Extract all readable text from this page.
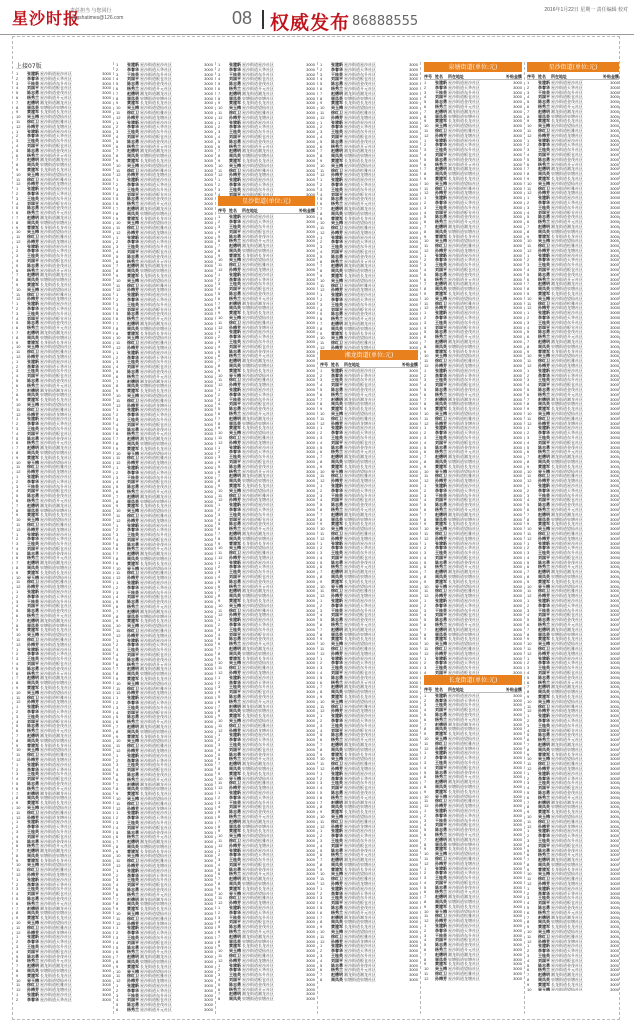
星沙时报
责任担当 与您同行 xingshatimes@126.com	08 权威发布 86888555
2016年1月22日 星期一 责任编辑 校对
上接07版
1	张建新 星沙街道星沙社区	3000
2	李春华 星沙街道天华社区	3000
3	王桂英 星沙街道东升社区	3000
4	刘国平 星沙街道板仓社区	3000
5	陈志勇 星沙街道金茂社区	3000
6	杨秀兰 星沙街道开元社区	3000
7	赵德明 湘龙街道湘龙社区	3000
8	周凤英 泉塘街道泉塘社区	3000
9	黄建军 长龙街道长龙社区	3000
10	吴玉梅 星沙街道望仙社区	3000
11	徐红卫 星沙街道松雅社区	3000
12	孙梅芳 星沙街道龙塘社区	3000
1	张建新 星沙街道星沙社区	3000
2	李春华 星沙街道天华社区	3000
3	王桂英 星沙街道东升社区	3000
4	刘国平 星沙街道板仓社区	3000
5	陈志勇 星沙街道金茂社区	3000
6	杨秀兰 星沙街道开元社区	3000
7	赵德明 湘龙街道湘龙社区	3000
8	周凤英 泉塘街道泉塘社区	3000
9	黄建军 长龙街道长龙社区	3000
10	吴玉梅 星沙街道望仙社区	3000
11	徐红卫 星沙街道松雅社区	3000
12	孙梅芳 星沙街道龙塘社区	3000
1	张建新 星沙街道星沙社区	3000
2	李春华 星沙街道天华社区	3000
3	王桂英 星沙街道东升社区	3000
4	刘国平 星沙街道板仓社区	3000
5	陈志勇 星沙街道金茂社区	3000
6	杨秀兰 星沙街道开元社区	3000
7	赵德明 湘龙街道湘龙社区	3000
8	周凤英 泉塘街道泉塘社区	3000
9	黄建军 长龙街道长龙社区	3000
10	吴玉梅 星沙街道望仙社区	3000
11	徐红卫 星沙街道松雅社区	3000
12	孙梅芳 星沙街道龙塘社区	3000
1	张建新 星沙街道星沙社区	3000
2	李春华 星沙街道天华社区	3000
3	王桂英 星沙街道东升社区	3000
4	刘国平 星沙街道板仓社区	3000
5	陈志勇 星沙街道金茂社区	3000
6	杨秀兰 星沙街道开元社区	3000
7	赵德明 湘龙街道湘龙社区	3000
8	周凤英 泉塘街道泉塘社区	3000
9	黄建军 长龙街道长龙社区	3000
10	吴玉梅 星沙街道望仙社区	3000
11	徐红卫 星沙街道松雅社区	3000
12	孙梅芳 星沙街道龙塘社区	3000
1	张建新 星沙街道星沙社区	3000
2	李春华 星沙街道天华社区	3000
3	王桂英 星沙街道东升社区	3000
4	刘国平 星沙街道板仓社区	3000
5	陈志勇 星沙街道金茂社区	3000
6	杨秀兰 星沙街道开元社区	3000
7	赵德明 湘龙街道湘龙社区	3000
8	周凤英 泉塘街道泉塘社区	3000
9	黄建军 长龙街道长龙社区	3000
10	吴玉梅 星沙街道望仙社区	3000
11	徐红卫 星沙街道松雅社区	3000
12	孙梅芳 星沙街道龙塘社区	3000
1	张建新 星沙街道星沙社区	3000
2	李春华 星沙街道天华社区	3000
3	王桂英 星沙街道东升社区	3000
4	刘国平 星沙街道板仓社区	3000
5	陈志勇 星沙街道金茂社区	3000
6	杨秀兰 星沙街道开元社区	3000
7	赵德明 湘龙街道湘龙社区	3000
8	周凤英 泉塘街道泉塘社区	3000
9	黄建军 长龙街道长龙社区	3000
10	吴玉梅 星沙街道望仙社区	3000
11	徐红卫 星沙街道松雅社区	3000
12	孙梅芳 星沙街道龙塘社区	3000
1	张建新 星沙街道星沙社区	3000
2	李春华 星沙街道天华社区	3000
3	王桂英 星沙街道东升社区	3000
4	刘国平 星沙街道板仓社区	3000
5	陈志勇 星沙街道金茂社区	3000
6	杨秀兰 星沙街道开元社区	3000
7	赵德明 湘龙街道湘龙社区	3000
8	周凤英 泉塘街道泉塘社区	3000
9	黄建军 长龙街道长龙社区	3000
10	吴玉梅 星沙街道望仙社区	3000
11	徐红卫 星沙街道松雅社区	3000
12	孙梅芳 星沙街道龙塘社区	3000
1	张建新 星沙街道星沙社区	3000
2	李春华 星沙街道天华社区	3000
3	王桂英 星沙街道东升社区	3000
4	刘国平 星沙街道板仓社区	3000
5	陈志勇 星沙街道金茂社区	3000
6	杨秀兰 星沙街道开元社区	3000
7	赵德明 湘龙街道湘龙社区	3000
8	周凤英 泉塘街道泉塘社区	3000
9	黄建军 长龙街道长龙社区	3000
10	吴玉梅 星沙街道望仙社区	3000
11	徐红卫 星沙街道松雅社区	3000
12	孙梅芳 星沙街道龙塘社区	3000
1	张建新 星沙街道星沙社区	3000
2	李春华 星沙街道天华社区	3000
3	王桂英 星沙街道东升社区	3000
4	刘国平 星沙街道板仓社区	3000
5	陈志勇 星沙街道金茂社区	3000
6	杨秀兰 星沙街道开元社区	3000
7	赵德明 湘龙街道湘龙社区	3000
8	周凤英 泉塘街道泉塘社区	3000
9	黄建军 长龙街道长龙社区	3000
10	吴玉梅 星沙街道望仙社区	3000
11	徐红卫 星沙街道松雅社区	3000
12	孙梅芳 星沙街道龙塘社区	3000
1	张建新 星沙街道星沙社区	3000
2	李春华 星沙街道天华社区	3000
3	王桂英 星沙街道东升社区	3000
4	刘国平 星沙街道板仓社区	3000
5	陈志勇 星沙街道金茂社区	3000
6	杨秀兰 星沙街道开元社区	3000
7	赵德明 湘龙街道湘龙社区	3000
8	周凤英 泉塘街道泉塘社区	3000
9	黄建军 长龙街道长龙社区	3000
10	吴玉梅 星沙街道望仙社区	3000
11	徐红卫 星沙街道松雅社区	3000
12	孙梅芳 星沙街道龙塘社区	3000
1	张建新 星沙街道星沙社区	3000
2	李春华 星沙街道天华社区	3000
3	王桂英 星沙街道东升社区	3000
4	刘国平 星沙街道板仓社区	3000
5	陈志勇 星沙街道金茂社区	3000
6	杨秀兰 星沙街道开元社区	3000
7	赵德明 湘龙街道湘龙社区	3000
8	周凤英 泉塘街道泉塘社区	3000
9	黄建军 长龙街道长龙社区	3000
10	吴玉梅 星沙街道望仙社区	3000
11	徐红卫 星沙街道松雅社区	3000
12	孙梅芳 星沙街道龙塘社区	3000
1	张建新 星沙街道星沙社区	3000
2	李春华 星沙街道天华社区	3000
3	王桂英 星沙街道东升社区	3000
4	刘国平 星沙街道板仓社区	3000
5	陈志勇 星沙街道金茂社区	3000
6	杨秀兰 星沙街道开元社区	3000
7	赵德明 湘龙街道湘龙社区	3000
8	周凤英 泉塘街道泉塘社区	3000
9	黄建军 长龙街道长龙社区	3000
10	吴玉梅 星沙街道望仙社区	3000
11	徐红卫 星沙街道松雅社区	3000
12	孙梅芳 星沙街道龙塘社区	3000
1	张建新 星沙街道星沙社区	3000
2	李春华 星沙街道天华社区	3000
3	王桂英 星沙街道东升社区	3000
4	刘国平 星沙街道板仓社区	3000
5	陈志勇 星沙街道金茂社区	3000
6	杨秀兰 星沙街道开元社区	3000
7	赵德明 湘龙街道湘龙社区	3000
8	周凤英 泉塘街道泉塘社区	3000
9	黄建军 长龙街道长龙社区	3000
10	吴玉梅 星沙街道望仙社区	3000
11	徐红卫 星沙街道松雅社区	3000
12	孙梅芳 星沙街道龙塘社区	3000
1	张建新 星沙街道星沙社区	3000
2	李春华 星沙街道天华社区	3000
3	王桂英 星沙街道东升社区	3000
4	刘国平 星沙街道板仓社区	3000
5	陈志勇 星沙街道金茂社区	3000
6	杨秀兰 星沙街道开元社区	3000
7	赵德明 湘龙街道湘龙社区	3000
8	周凤英 泉塘街道泉塘社区	3000
9	黄建军 长龙街道长龙社区	3000
10	吴玉梅 星沙街道望仙社区	3000
11	徐红卫 星沙街道松雅社区	3000
12	孙梅芳 星沙街道龙塘社区	3000
1	张建新 星沙街道星沙社区	3000
2	李春华 星沙街道天华社区	3000
3	王桂英 星沙街道东升社区	3000
4	刘国平 星沙街道板仓社区	3000
5	陈志勇 星沙街道金茂社区	3000
6	杨秀兰 星沙街道开元社区	3000
7	赵德明 湘龙街道湘龙社区	3000
8	周凤英 泉塘街道泉塘社区	3000
9	黄建军 长龙街道长龙社区	3000
10	吴玉梅 星沙街道望仙社区	3000
11	徐红卫 星沙街道松雅社区	3000
12	孙梅芳 星沙街道龙塘社区	3000
1	张建新 星沙街道星沙社区	3000
2	李春华 星沙街道天华社区	3000
3	王桂英 星沙街道东升社区	3000
4	刘国平 星沙街道板仓社区	3000
5	陈志勇 星沙街道金茂社区	3000
6	杨秀兰 星沙街道开元社区	3000
7	赵德明 湘龙街道湘龙社区	3000
8	周凤英 泉塘街道泉塘社区	3000
9	黄建军 长龙街道长龙社区	3000
10	吴玉梅 星沙街道望仙社区	3000
11	徐红卫 星沙街道松雅社区	3000
12	孙梅芳 星沙街道龙塘社区	3000
1	张建新 星沙街道星沙社区	3000
2	李春华 星沙街道天华社区	3000
1	张建新 星沙街道星沙社区	3000
2	李春华 星沙街道天华社区	3000
3	王桂英 星沙街道东升社区	3000
4	刘国平 星沙街道板仓社区	3000
5	陈志勇 星沙街道金茂社区	3000
6	杨秀兰 星沙街道开元社区	3000
7	赵德明 湘龙街道湘龙社区	3000
8	周凤英 泉塘街道泉塘社区	3000
9	黄建军 长龙街道长龙社区	3000
10	吴玉梅 星沙街道望仙社区	3000
11	徐红卫 星沙街道松雅社区	3000
12	孙梅芳 星沙街道龙塘社区	3000
1	张建新 星沙街道星沙社区	3000
2	李春华 星沙街道天华社区	3000
3	王桂英 星沙街道东升社区	3000
4	刘国平 星沙街道板仓社区	3000
5	陈志勇 星沙街道金茂社区	3000
6	杨秀兰 星沙街道开元社区	3000
7	赵德明 湘龙街道湘龙社区	3000
8	周凤英 泉塘街道泉塘社区	3000
9	黄建军 长龙街道长龙社区	3000
10	吴玉梅 星沙街道望仙社区	3000
11	徐红卫 星沙街道松雅社区	3000
12	孙梅芳 星沙街道龙塘社区	3000
1	张建新 星沙街道星沙社区	3000
2	李春华 星沙街道天华社区	3000
3	王桂英 星沙街道东升社区	3000
4	刘国平 星沙街道板仓社区	3000
5	陈志勇 星沙街道金茂社区	3000
6	杨秀兰 星沙街道开元社区	3000
7	赵德明 湘龙街道湘龙社区	3000
8	周凤英 泉塘街道泉塘社区	3000
9	黄建军 长龙街道长龙社区	3000
10	吴玉梅 星沙街道望仙社区	3000
11	徐红卫 星沙街道松雅社区	3000
12	孙梅芳 星沙街道龙塘社区	3000
1	张建新 星沙街道星沙社区	3000
2	李春华 星沙街道天华社区	3000
3	王桂英 星沙街道东升社区	3000
4	刘国平 星沙街道板仓社区	3000
5	陈志勇 星沙街道金茂社区	3000
6	杨秀兰 星沙街道开元社区	3000
7	赵德明 湘龙街道湘龙社区	3000
8	周凤英 泉塘街道泉塘社区	3000
9	黄建军 长龙街道长龙社区	3000
10	吴玉梅 星沙街道望仙社区	3000
11	徐红卫 星沙街道松雅社区	3000
12	孙梅芳 星沙街道龙塘社区	3000
1	张建新 星沙街道星沙社区	3000
2	李春华 星沙街道天华社区	3000
3	王桂英 星沙街道东升社区	3000
4	刘国平 星沙街道板仓社区	3000
5	陈志勇 星沙街道金茂社区	3000
6	杨秀兰 星沙街道开元社区	3000
7	赵德明 湘龙街道湘龙社区	3000
8	周凤英 泉塘街道泉塘社区	3000
9	黄建军 长龙街道长龙社区	3000
10	吴玉梅 星沙街道望仙社区	3000
11	徐红卫 星沙街道松雅社区	3000
12	孙梅芳 星沙街道龙塘社区	3000
1	张建新 星沙街道星沙社区	3000
2	李春华 星沙街道天华社区	3000
3	王桂英 星沙街道东升社区	3000
4	刘国平 星沙街道板仓社区	3000
5	陈志勇 星沙街道金茂社区	3000
6	杨秀兰 星沙街道开元社区	3000
7	赵德明 湘龙街道湘龙社区	3000
8	周凤英 泉塘街道泉塘社区	3000
9	黄建军 长龙街道长龙社区	3000
10	吴玉梅 星沙街道望仙社区	3000
11	徐红卫 星沙街道松雅社区	3000
12	孙梅芳 星沙街道龙塘社区	3000
1	张建新 星沙街道星沙社区	3000
2	李春华 星沙街道天华社区	3000
3	王桂英 星沙街道东升社区	3000
4	刘国平 星沙街道板仓社区	3000
5	陈志勇 星沙街道金茂社区	3000
6	杨秀兰 星沙街道开元社区	3000
7	赵德明 湘龙街道湘龙社区	3000
8	周凤英 泉塘街道泉塘社区	3000
9	黄建军 长龙街道长龙社区	3000
10	吴玉梅 星沙街道望仙社区	3000
11	徐红卫 星沙街道松雅社区	3000
12	孙梅芳 星沙街道龙塘社区	3000
1	张建新 星沙街道星沙社区	3000
2	李春华 星沙街道天华社区	3000
3	王桂英 星沙街道东升社区	3000
4	刘国平 星沙街道板仓社区	3000
5	陈志勇 星沙街道金茂社区	3000
6	杨秀兰 星沙街道开元社区	3000
7	赵德明 湘龙街道湘龙社区	3000
8	周凤英 泉塘街道泉塘社区	3000
9	黄建军 长龙街道长龙社区	3000
10	吴玉梅 星沙街道望仙社区	3000
11	徐红卫 星沙街道松雅社区	3000
12	孙梅芳 星沙街道龙塘社区	3000
1	张建新 星沙街道星沙社区	3000
2	李春华 星沙街道天华社区	3000
3	王桂英 星沙街道东升社区	3000
4	刘国平 星沙街道板仓社区	3000
5	陈志勇 星沙街道金茂社区	3000
6	杨秀兰 星沙街道开元社区	3000
7	赵德明 湘龙街道湘龙社区	3000
8	周凤英 泉塘街道泉塘社区	3000
9	黄建军 长龙街道长龙社区	3000
10	吴玉梅 星沙街道望仙社区	3000
11	徐红卫 星沙街道松雅社区	3000
12	孙梅芳 星沙街道龙塘社区	3000
1	张建新 星沙街道星沙社区	3000
2	李春华 星沙街道天华社区	3000
3	王桂英 星沙街道东升社区	3000
4	刘国平 星沙街道板仓社区	3000
5	陈志勇 星沙街道金茂社区	3000
6	杨秀兰 星沙街道开元社区	3000
7	赵德明 湘龙街道湘龙社区	3000
8	周凤英 泉塘街道泉塘社区	3000
9	黄建军 长龙街道长龙社区	3000
10	吴玉梅 星沙街道望仙社区	3000
11	徐红卫 星沙街道松雅社区	3000
12	孙梅芳 星沙街道龙塘社区	3000
1	张建新 星沙街道星沙社区	3000
2	李春华 星沙街道天华社区	3000
3	王桂英 星沙街道东升社区	3000
4	刘国平 星沙街道板仓社区	3000
5	陈志勇 星沙街道金茂社区	3000
6	杨秀兰 星沙街道开元社区	3000
7	赵德明 湘龙街道湘龙社区	3000
8	周凤英 泉塘街道泉塘社区	3000
9	黄建军 长龙街道长龙社区	3000
10	吴玉梅 星沙街道望仙社区	3000
11	徐红卫 星沙街道松雅社区	3000
12	孙梅芳 星沙街道龙塘社区	3000
1	张建新 星沙街道星沙社区	3000
2	李春华 星沙街道天华社区	3000
3	王桂英 星沙街道东升社区	3000
4	刘国平 星沙街道板仓社区	3000
5	陈志勇 星沙街道金茂社区	3000
6	杨秀兰 星沙街道开元社区	3000
7	赵德明 湘龙街道湘龙社区	3000
8	周凤英 泉塘街道泉塘社区	3000
9	黄建军 长龙街道长龙社区	3000
10	吴玉梅 星沙街道望仙社区	3000
11	徐红卫 星沙街道松雅社区	3000
12	孙梅芳 星沙街道龙塘社区	3000
1	张建新 星沙街道星沙社区	3000
2	李春华 星沙街道天华社区	3000
3	王桂英 星沙街道东升社区	3000
4	刘国平 星沙街道板仓社区	3000
5	陈志勇 星沙街道金茂社区	3000
6	杨秀兰 星沙街道开元社区	3000
7	赵德明 湘龙街道湘龙社区	3000
8	周凤英 泉塘街道泉塘社区	3000
9	黄建军 长龙街道长龙社区	3000
10	吴玉梅 星沙街道望仙社区	3000
11	徐红卫 星沙街道松雅社区	3000
12	孙梅芳 星沙街道龙塘社区	3000
1	张建新 星沙街道星沙社区	3000
2	李春华 星沙街道天华社区	3000
3	王桂英 星沙街道东升社区	3000
4	刘国平 星沙街道板仓社区	3000
5	陈志勇 星沙街道金茂社区	3000
6	杨秀兰 星沙街道开元社区	3000
7	赵德明 湘龙街道湘龙社区	3000
8	周凤英 泉塘街道泉塘社区	3000
9	黄建军 长龙街道长龙社区	3000
10	吴玉梅 星沙街道望仙社区	3000
11	徐红卫 星沙街道松雅社区	3000
12	孙梅芳 星沙街道龙塘社区	3000
1	张建新 星沙街道星沙社区	3000
2	李春华 星沙街道天华社区	3000
3	王桂英 星沙街道东升社区	3000
4	刘国平 星沙街道板仓社区	3000
5	陈志勇 星沙街道金茂社区	3000
6	杨秀兰 星沙街道开元社区	3000
7	赵德明 湘龙街道湘龙社区	3000
8	周凤英 泉塘街道泉塘社区	3000
9	黄建军 长龙街道长龙社区	3000
10	吴玉梅 星沙街道望仙社区	3000
11	徐红卫 星沙街道松雅社区	3000
12	孙梅芳 星沙街道龙塘社区	3000
1	张建新 星沙街道星沙社区	3000
2	李春华 星沙街道天华社区	3000
3	王桂英 星沙街道东升社区	3000
4	刘国平 星沙街道板仓社区	3000
5	陈志勇 星沙街道金茂社区	3000
6	杨秀兰 星沙街道开元社区	3000
7	赵德明 湘龙街道湘龙社区	3000
8	周凤英 泉塘街道泉塘社区	3000
9	黄建军 长龙街道长龙社区	3000
10	吴玉梅 星沙街道望仙社区	3000
11	徐红卫 星沙街道松雅社区	3000
12	孙梅芳 星沙街道龙塘社区	3000
1	张建新 星沙街道星沙社区	3000
2	李春华 星沙街道天华社区	3000
3	王桂英 星沙街道东升社区	3000
4	刘国平 星沙街道板仓社区	3000
5	陈志勇 星沙街道金茂社区	3000
6	杨秀兰 星沙街道开元社区	3000
1	张建新 星沙街道星沙社区	3000
2	李春华 星沙街道天华社区	3000
3	王桂英 星沙街道东升社区	3000
4	刘国平 星沙街道板仓社区	3000
5	陈志勇 星沙街道金茂社区	3000
6	杨秀兰 星沙街道开元社区	3000
7	赵德明 湘龙街道湘龙社区	3000
8	周凤英 泉塘街道泉塘社区	3000
9	黄建军 长龙街道长龙社区	3000
10	吴玉梅 星沙街道望仙社区	3000
11	徐红卫 星沙街道松雅社区	3000
12	孙梅芳 星沙街道龙塘社区	3000
1	张建新 星沙街道星沙社区	3000
2	李春华 星沙街道天华社区	3000
3	王桂英 星沙街道东升社区	3000
4	刘国平 星沙街道板仓社区	3000
5	陈志勇 星沙街道金茂社区	3000
6	杨秀兰 星沙街道开元社区	3000
7	赵德明 湘龙街道湘龙社区	3000
8	周凤英 泉塘街道泉塘社区	3000
9	黄建军 长龙街道长龙社区	3000
10	吴玉梅 星沙街道望仙社区	3000
11	徐红卫 星沙街道松雅社区	3000
12	孙梅芳 星沙街道龙塘社区	3000
1	张建新 星沙街道星沙社区	3000
2	李春华 星沙街道天华社区	3000
3	王桂英 星沙街道东升社区	3000
4	刘国平 星沙街道板仓社区	3000
星沙街道(单位:元)
序号 姓名	所在地址	补贴金额
1	张建新 星沙街道星沙社区	3000
2	李春华 星沙街道天华社区	3000
3	王桂英 星沙街道东升社区	3000
4	刘国平 星沙街道板仓社区	3000
5	陈志勇 星沙街道金茂社区	3000
6	杨秀兰 星沙街道开元社区	3000
7	赵德明 湘龙街道湘龙社区	3000
8	周凤英 泉塘街道泉塘社区	3000
9	黄建军 长龙街道长龙社区	3000
10	吴玉梅 星沙街道望仙社区	3000
11	徐红卫 星沙街道松雅社区	3000
12	孙梅芳 星沙街道龙塘社区	3000
1	张建新 星沙街道星沙社区	3000
2	李春华 星沙街道天华社区	3000
3	王桂英 星沙街道东升社区	3000
4	刘国平 星沙街道板仓社区	3000
5	陈志勇 星沙街道金茂社区	3000
6	杨秀兰 星沙街道开元社区	3000
7	赵德明 湘龙街道湘龙社区	3000
8	周凤英 泉塘街道泉塘社区	3000
9	黄建军 长龙街道长龙社区	3000
10	吴玉梅 星沙街道望仙社区	3000
11	徐红卫 星沙街道松雅社区	3000
12	孙梅芳 星沙街道龙塘社区	3000
1	张建新 星沙街道星沙社区	3000
2	李春华 星沙街道天华社区	3000
3	王桂英 星沙街道东升社区	3000
4	刘国平 星沙街道板仓社区	3000
5	陈志勇 星沙街道金茂社区	3000
6	杨秀兰 星沙街道开元社区	3000
7	赵德明 湘龙街道湘龙社区	3000
8	周凤英 泉塘街道泉塘社区	3000
9	黄建军 长龙街道长龙社区	3000
10	吴玉梅 星沙街道望仙社区	3000
11	徐红卫 星沙街道松雅社区	3000
12	孙梅芳 星沙街道龙塘社区	3000
1	张建新 星沙街道星沙社区	3000
2	李春华 星沙街道天华社区	3000
3	王桂英 星沙街道东升社区	3000
4	刘国平 星沙街道板仓社区	3000
5	陈志勇 星沙街道金茂社区	3000
6	杨秀兰 星沙街道开元社区	3000
7	赵德明 湘龙街道湘龙社区	3000
8	周凤英 泉塘街道泉塘社区	3000
9	黄建军 长龙街道长龙社区	3000
10	吴玉梅 星沙街道望仙社区	3000
11	徐红卫 星沙街道松雅社区	3000
12	孙梅芳 星沙街道龙塘社区	3000
1	张建新 星沙街道星沙社区	3000
2	李春华 星沙街道天华社区	3000
3	王桂英 星沙街道东升社区	3000
4	刘国平 星沙街道板仓社区	3000
5	陈志勇 星沙街道金茂社区	3000
6	杨秀兰 星沙街道开元社区	3000
7	赵德明 湘龙街道湘龙社区	3000
8	周凤英 泉塘街道泉塘社区	3000
9	黄建军 长龙街道长龙社区	3000
10	吴玉梅 星沙街道望仙社区	3000
11	徐红卫 星沙街道松雅社区	3000
12	孙梅芳 星沙街道龙塘社区	3000
1	张建新 星沙街道星沙社区	3000
2	李春华 星沙街道天华社区	3000
3	王桂英 星沙街道东升社区	3000
4	刘国平 星沙街道板仓社区	3000
5	陈志勇 星沙街道金茂社区	3000
6	杨秀兰 星沙街道开元社区	3000
7	赵德明 湘龙街道湘龙社区	3000
8	周凤英 泉塘街道泉塘社区	3000
9	黄建军 长龙街道长龙社区	3000
10	吴玉梅 星沙街道望仙社区	3000
11	徐红卫 星沙街道松雅社区	3000
12	孙梅芳 星沙街道龙塘社区	3000
1	张建新 星沙街道星沙社区	3000
2	李春华 星沙街道天华社区	3000
3	王桂英 星沙街道东升社区	3000
4	刘国平 星沙街道板仓社区	3000
5	陈志勇 星沙街道金茂社区	3000
6	杨秀兰 星沙街道开元社区	3000
7	赵德明 湘龙街道湘龙社区	3000
8	周凤英 泉塘街道泉塘社区	3000
9	黄建军 长龙街道长龙社区	3000
10	吴玉梅 星沙街道望仙社区	3000
11	徐红卫 星沙街道松雅社区	3000
12	孙梅芳 星沙街道龙塘社区	3000
1	张建新 星沙街道星沙社区	3000
2	李春华 星沙街道天华社区	3000
3	王桂英 星沙街道东升社区	3000
4	刘国平 星沙街道板仓社区	3000
5	陈志勇 星沙街道金茂社区	3000
6	杨秀兰 星沙街道开元社区	3000
7	赵德明 湘龙街道湘龙社区	3000
8	周凤英 泉塘街道泉塘社区	3000
9	黄建军 长龙街道长龙社区	3000
10	吴玉梅 星沙街道望仙社区	3000
11	徐红卫 星沙街道松雅社区	3000
12	孙梅芳 星沙街道龙塘社区	3000
1	张建新 星沙街道星沙社区	3000
2	李春华 星沙街道天华社区	3000
3	王桂英 星沙街道东升社区	3000
4	刘国平 星沙街道板仓社区	3000
5	陈志勇 星沙街道金茂社区	3000
6	杨秀兰 星沙街道开元社区	3000
7	赵德明 湘龙街道湘龙社区	3000
8	周凤英 泉塘街道泉塘社区	3000
9	黄建军 长龙街道长龙社区	3000
10	吴玉梅 星沙街道望仙社区	3000
11	徐红卫 星沙街道松雅社区	3000
12	孙梅芳 星沙街道龙塘社区	3000
1	张建新 星沙街道星沙社区	3000
2	李春华 星沙街道天华社区	3000
3	王桂英 星沙街道东升社区	3000
4	刘国平 星沙街道板仓社区	3000
5	陈志勇 星沙街道金茂社区	3000
6	杨秀兰 星沙街道开元社区	3000
7	赵德明 湘龙街道湘龙社区	3000
8	周凤英 泉塘街道泉塘社区	3000
9	黄建军 长龙街道长龙社区	3000
10	吴玉梅 星沙街道望仙社区	3000
11	徐红卫 星沙街道松雅社区	3000
12	孙梅芳 星沙街道龙塘社区	3000
1	张建新 星沙街道星沙社区	3000
2	李春华 星沙街道天华社区	3000
3	王桂英 星沙街道东升社区	3000
4	刘国平 星沙街道板仓社区	3000
5	陈志勇 星沙街道金茂社区	3000
6	杨秀兰 星沙街道开元社区	3000
7	赵德明 湘龙街道湘龙社区	3000
8	周凤英 泉塘街道泉塘社区	3000
9	黄建军 长龙街道长龙社区	3000
10	吴玉梅 星沙街道望仙社区	3000
11	徐红卫 星沙街道松雅社区	3000
12	孙梅芳 星沙街道龙塘社区	3000
1	张建新 星沙街道星沙社区	3000
2	李春华 星沙街道天华社区	3000
3	王桂英 星沙街道东升社区	3000
4	刘国平 星沙街道板仓社区	3000
5	陈志勇 星沙街道金茂社区	3000
6	杨秀兰 星沙街道开元社区	3000
7	赵德明 湘龙街道湘龙社区	3000
8	周凤英 泉塘街道泉塘社区	3000
9	黄建军 长龙街道长龙社区	3000
10	吴玉梅 星沙街道望仙社区	3000
11	徐红卫 星沙街道松雅社区	3000
12	孙梅芳 星沙街道龙塘社区	3000
1	张建新 星沙街道星沙社区	3000
2	李春华 星沙街道天华社区	3000
3	王桂英 星沙街道东升社区	3000
4	刘国平 星沙街道板仓社区	3000
5	陈志勇 星沙街道金茂社区	3000
6	杨秀兰 星沙街道开元社区	3000
7	赵德明 湘龙街道湘龙社区	3000
8	周凤英 泉塘街道泉塘社区	3000
9	黄建军 长龙街道长龙社区	3000
10	吴玉梅 星沙街道望仙社区	3000
11	徐红卫 星沙街道松雅社区	3000
12	孙梅芳 星沙街道龙塘社区	3000
1	张建新 星沙街道星沙社区	3000
2	李春华 星沙街道天华社区	3000
3	王桂英 星沙街道东升社区	3000
4	刘国平 星沙街道板仓社区	3000
5	陈志勇 星沙街道金茂社区	3000
6	杨秀兰 星沙街道开元社区	3000
7	赵德明 湘龙街道湘龙社区	3000
8	周凤英 泉塘街道泉塘社区	3000
1	张建新 星沙街道星沙社区	3000
2	李春华 星沙街道天华社区	3000
3	王桂英 星沙街道东升社区	3000
4	刘国平 星沙街道板仓社区	3000
5	陈志勇 星沙街道金茂社区	3000
6	杨秀兰 星沙街道开元社区	3000
7	赵德明 湘龙街道湘龙社区	3000
8	周凤英 泉塘街道泉塘社区	3000
9	黄建军 长龙街道长龙社区	3000
10	吴玉梅 星沙街道望仙社区	3000
11	徐红卫 星沙街道松雅社区	3000
12	孙梅芳 星沙街道龙塘社区	3000
1	张建新 星沙街道星沙社区	3000
2	李春华 星沙街道天华社区	3000
3	王桂英 星沙街道东升社区	3000
4	刘国平 星沙街道板仓社区	3000
5	陈志勇 星沙街道金茂社区	3000
6	杨秀兰 星沙街道开元社区	3000
7	赵德明 湘龙街道湘龙社区	3000
8	周凤英 泉塘街道泉塘社区	3000
9	黄建军 长龙街道长龙社区	3000
10	吴玉梅 星沙街道望仙社区	3000
11	徐红卫 星沙街道松雅社区	3000
12	孙梅芳 星沙街道龙塘社区	3000
1	张建新 星沙街道星沙社区	3000
2	李春华 星沙街道天华社区	3000
3	王桂英 星沙街道东升社区	3000
4	刘国平 星沙街道板仓社区	3000
5	陈志勇 星沙街道金茂社区	3000
6	杨秀兰 星沙街道开元社区	3000
7	赵德明 湘龙街道湘龙社区	3000
8	周凤英 泉塘街道泉塘社区	3000
9	黄建军 长龙街道长龙社区	3000
10	吴玉梅 星沙街道望仙社区	3000
11	徐红卫 星沙街道松雅社区	3000
12	孙梅芳 星沙街道龙塘社区	3000
1	张建新 星沙街道星沙社区	3000
2	李春华 星沙街道天华社区	3000
3	王桂英 星沙街道东升社区	3000
4	刘国平 星沙街道板仓社区	3000
5	陈志勇 星沙街道金茂社区	3000
6	杨秀兰 星沙街道开元社区	3000
7	赵德明 湘龙街道湘龙社区	3000
8	周凤英 泉塘街道泉塘社区	3000
9	黄建军 长龙街道长龙社区	3000
10	吴玉梅 星沙街道望仙社区	3000
11	徐红卫 星沙街道松雅社区	3000
12	孙梅芳 星沙街道龙塘社区	3000
1	张建新 星沙街道星沙社区	3000
2	李春华 星沙街道天华社区	3000
3	王桂英 星沙街道东升社区	3000
4	刘国平 星沙街道板仓社区	3000
5	陈志勇 星沙街道金茂社区	3000
6	杨秀兰 星沙街道开元社区	3000
7	赵德明 湘龙街道湘龙社区	3000
8	周凤英 泉塘街道泉塘社区	3000
9	黄建军 长龙街道长龙社区	3000
10	吴玉梅 星沙街道望仙社区	3000
11	徐红卫 星沙街道松雅社区	3000
12	孙梅芳 星沙街道龙塘社区	3000
湘龙街道(单位:元)
序号 姓名	所在地址	补贴金额
1	张建新 星沙街道星沙社区	3000
2	李春华 星沙街道天华社区	3000
3	王桂英 星沙街道东升社区	3000
4	刘国平 星沙街道板仓社区	3000
5	陈志勇 星沙街道金茂社区	3000
6	杨秀兰 星沙街道开元社区	3000
7	赵德明 湘龙街道湘龙社区	3000
8	周凤英 泉塘街道泉塘社区	3000
9	黄建军 长龙街道长龙社区	3000
10	吴玉梅 星沙街道望仙社区	3000
11	徐红卫 星沙街道松雅社区	3000
12	孙梅芳 星沙街道龙塘社区	3000
1	张建新 星沙街道星沙社区	3000
2	李春华 星沙街道天华社区	3000
3	王桂英 星沙街道东升社区	3000
4	刘国平 星沙街道板仓社区	3000
5	陈志勇 星沙街道金茂社区	3000
6	杨秀兰 星沙街道开元社区	3000
7	赵德明 湘龙街道湘龙社区	3000
8	周凤英 泉塘街道泉塘社区	3000
9	黄建军 长龙街道长龙社区	3000
10	吴玉梅 星沙街道望仙社区	3000
11	徐红卫 星沙街道松雅社区	3000
12	孙梅芳 星沙街道龙塘社区	3000
1	张建新 星沙街道星沙社区	3000
2	李春华 星沙街道天华社区	3000
3	王桂英 星沙街道东升社区	3000
4	刘国平 星沙街道板仓社区	3000
5	陈志勇 星沙街道金茂社区	3000
6	杨秀兰 星沙街道开元社区	3000
7	赵德明 湘龙街道湘龙社区	3000
8	周凤英 泉塘街道泉塘社区	3000
9	黄建军 长龙街道长龙社区	3000
10	吴玉梅 星沙街道望仙社区	3000
11	徐红卫 星沙街道松雅社区	3000
12	孙梅芳 星沙街道龙塘社区	3000
1	张建新 星沙街道星沙社区	3000
2	李春华 星沙街道天华社区	3000
3	王桂英 星沙街道东升社区	3000
4	刘国平 星沙街道板仓社区	3000
5	陈志勇 星沙街道金茂社区	3000
6	杨秀兰 星沙街道开元社区	3000
7	赵德明 湘龙街道湘龙社区	3000
8	周凤英 泉塘街道泉塘社区	3000
9	黄建军 长龙街道长龙社区	3000
10	吴玉梅 星沙街道望仙社区	3000
11	徐红卫 星沙街道松雅社区	3000
12	孙梅芳 星沙街道龙塘社区	3000
1	张建新 星沙街道星沙社区	3000
2	李春华 星沙街道天华社区	3000
3	王桂英 星沙街道东升社区	3000
4	刘国平 星沙街道板仓社区	3000
5	陈志勇 星沙街道金茂社区	3000
6	杨秀兰 星沙街道开元社区	3000
7	赵德明 湘龙街道湘龙社区	3000
8	周凤英 泉塘街道泉塘社区	3000
9	黄建军 长龙街道长龙社区	3000
10	吴玉梅 星沙街道望仙社区	3000
11	徐红卫 星沙街道松雅社区	3000
12	孙梅芳 星沙街道龙塘社区	3000
1	张建新 星沙街道星沙社区	3000
2	李春华 星沙街道天华社区	3000
3	王桂英 星沙街道东升社区	3000
4	刘国平 星沙街道板仓社区	3000
5	陈志勇 星沙街道金茂社区	3000
6	杨秀兰 星沙街道开元社区	3000
7	赵德明 湘龙街道湘龙社区	3000
8	周凤英 泉塘街道泉塘社区	3000
9	黄建军 长龙街道长龙社区	3000
10	吴玉梅 星沙街道望仙社区	3000
11	徐红卫 星沙街道松雅社区	3000
12	孙梅芳 星沙街道龙塘社区	3000
1	张建新 星沙街道星沙社区	3000
2	李春华 星沙街道天华社区	3000
3	王桂英 星沙街道东升社区	3000
4	刘国平 星沙街道板仓社区	3000
5	陈志勇 星沙街道金茂社区	3000
6	杨秀兰 星沙街道开元社区	3000
7	赵德明 湘龙街道湘龙社区	3000
8	周凤英 泉塘街道泉塘社区	3000
9	黄建军 长龙街道长龙社区	3000
10	吴玉梅 星沙街道望仙社区	3000
11	徐红卫 星沙街道松雅社区	3000
12	孙梅芳 星沙街道龙塘社区	3000
1	张建新 星沙街道星沙社区	3000
2	李春华 星沙街道天华社区	3000
3	王桂英 星沙街道东升社区	3000
4	刘国平 星沙街道板仓社区	3000
5	陈志勇 星沙街道金茂社区	3000
6	杨秀兰 星沙街道开元社区	3000
7	赵德明 湘龙街道湘龙社区	3000
8	周凤英 泉塘街道泉塘社区	3000
9	黄建军 长龙街道长龙社区	3000
10	吴玉梅 星沙街道望仙社区	3000
11	徐红卫 星沙街道松雅社区	3000
12	孙梅芳 星沙街道龙塘社区	3000
1	张建新 星沙街道星沙社区	3000
2	李春华 星沙街道天华社区	3000
3	王桂英 星沙街道东升社区	3000
4	刘国平 星沙街道板仓社区	3000
5	陈志勇 星沙街道金茂社区	3000
6	杨秀兰 星沙街道开元社区	3000
7	赵德明 湘龙街道湘龙社区	3000
8	周凤英 泉塘街道泉塘社区	3000
9	黄建军 长龙街道长龙社区	3000
10	吴玉梅 星沙街道望仙社区	3000
11	徐红卫 星沙街道松雅社区	3000
12	孙梅芳 星沙街道龙塘社区	3000
1	张建新 星沙街道星沙社区	3000
2	李春华 星沙街道天华社区	3000
3	王桂英 星沙街道东升社区	3000
4	刘国平 星沙街道板仓社区	3000
5	陈志勇 星沙街道金茂社区	3000
6	杨秀兰 星沙街道开元社区	3000
7	赵德明 湘龙街道湘龙社区	3000
8	周凤英 泉塘街道泉塘社区	3000
9	黄建军 长龙街道长龙社区	3000
10	吴玉梅 星沙街道望仙社区	3000
11	徐红卫 星沙街道松雅社区	3000
12	孙梅芳 星沙街道龙塘社区	3000
1	张建新 星沙街道星沙社区	3000
2	李春华 星沙街道天华社区	3000
3	王桂英 星沙街道东升社区	3000
4	刘国平 星沙街道板仓社区	3000
5	陈志勇 星沙街道金茂社区	3000
6	杨秀兰 星沙街道开元社区	3000
7	赵德明 湘龙街道湘龙社区	3000
8	周凤英 泉塘街道泉塘社区	3000
泉塘街道(单位:元)
序号 姓名	所在地址	补贴金额
1	张建新 星沙街道星沙社区	3000
2	李春华 星沙街道天华社区	3000
3	王桂英 星沙街道东升社区	3000
4	刘国平 星沙街道板仓社区	3000
5	陈志勇 星沙街道金茂社区	3000
6	杨秀兰 星沙街道开元社区	3000
7	赵德明 湘龙街道湘龙社区	3000
8	周凤英 泉塘街道泉塘社区	3000
9	黄建军 长龙街道长龙社区	3000
10	吴玉梅 星沙街道望仙社区	3000
11	徐红卫 星沙街道松雅社区	3000
12	孙梅芳 星沙街道龙塘社区	3000
1	张建新 星沙街道星沙社区	3000
2	李春华 星沙街道天华社区	3000
3	王桂英 星沙街道东升社区	3000
4	刘国平 星沙街道板仓社区	3000
5	陈志勇 星沙街道金茂社区	3000
6	杨秀兰 星沙街道开元社区	3000
7	赵德明 湘龙街道湘龙社区	3000
8	周凤英 泉塘街道泉塘社区	3000
9	黄建军 长龙街道长龙社区	3000
10	吴玉梅 星沙街道望仙社区	3000
11	徐红卫 星沙街道松雅社区	3000
12	孙梅芳 星沙街道龙塘社区	3000
1	张建新 星沙街道星沙社区	3000
2	李春华 星沙街道天华社区	3000
3	王桂英 星沙街道东升社区	3000
4	刘国平 星沙街道板仓社区	3000
5	陈志勇 星沙街道金茂社区	3000
6	杨秀兰 星沙街道开元社区	3000
7	赵德明 湘龙街道湘龙社区	3000
8	周凤英 泉塘街道泉塘社区	3000
9	黄建军 长龙街道长龙社区	3000
10	吴玉梅 星沙街道望仙社区	3000
11	徐红卫 星沙街道松雅社区	3000
12	孙梅芳 星沙街道龙塘社区	3000
1	张建新 星沙街道星沙社区	3000
2	李春华 星沙街道天华社区	3000
3	王桂英 星沙街道东升社区	3000
4	刘国平 星沙街道板仓社区	3000
5	陈志勇 星沙街道金茂社区	3000
6	杨秀兰 星沙街道开元社区	3000
7	赵德明 湘龙街道湘龙社区	3000
8	周凤英 泉塘街道泉塘社区	3000
9	黄建军 长龙街道长龙社区	3000
10	吴玉梅 星沙街道望仙社区	3000
11	徐红卫 星沙街道松雅社区	3000
12	孙梅芳 星沙街道龙塘社区	3000
1	张建新 星沙街道星沙社区	3000
2	李春华 星沙街道天华社区	3000
3	王桂英 星沙街道东升社区	3000
4	刘国平 星沙街道板仓社区	3000
5	陈志勇 星沙街道金茂社区	3000
6	杨秀兰 星沙街道开元社区	3000
7	赵德明 湘龙街道湘龙社区	3000
8	周凤英 泉塘街道泉塘社区	3000
9	黄建军 长龙街道长龙社区	3000
10	吴玉梅 星沙街道望仙社区	3000
11	徐红卫 星沙街道松雅社区	3000
12	孙梅芳 星沙街道龙塘社区	3000
1	张建新 星沙街道星沙社区	3000
2	李春华 星沙街道天华社区	3000
3	王桂英 星沙街道东升社区	3000
4	刘国平 星沙街道板仓社区	3000
5	陈志勇 星沙街道金茂社区	3000
6	杨秀兰 星沙街道开元社区	3000
7	赵德明 湘龙街道湘龙社区	3000
8	周凤英 泉塘街道泉塘社区	3000
9	黄建军 长龙街道长龙社区	3000
10	吴玉梅 星沙街道望仙社区	3000
11	徐红卫 星沙街道松雅社区	3000
12	孙梅芳 星沙街道龙塘社区	3000
1	张建新 星沙街道星沙社区	3000
2	李春华 星沙街道天华社区	3000
3	王桂英 星沙街道东升社区	3000
4	刘国平 星沙街道板仓社区	3000
5	陈志勇 星沙街道金茂社区	3000
6	杨秀兰 星沙街道开元社区	3000
7	赵德明 湘龙街道湘龙社区	3000
8	周凤英 泉塘街道泉塘社区	3000
9	黄建军 长龙街道长龙社区	3000
10	吴玉梅 星沙街道望仙社区	3000
11	徐红卫 星沙街道松雅社区	3000
12	孙梅芳 星沙街道龙塘社区	3000
1	张建新 星沙街道星沙社区	3000
2	李春华 星沙街道天华社区	3000
3	王桂英 星沙街道东升社区	3000
4	刘国平 星沙街道板仓社区	3000
5	陈志勇 星沙街道金茂社区	3000
6	杨秀兰 星沙街道开元社区	3000
7	赵德明 湘龙街道湘龙社区	3000
8	周凤英 泉塘街道泉塘社区	3000
9	黄建军 长龙街道长龙社区	3000
10	吴玉梅 星沙街道望仙社区	3000
11	徐红卫 星沙街道松雅社区	3000
12	孙梅芳 星沙街道龙塘社区	3000
1	张建新 星沙街道星沙社区	3000
2	李春华 星沙街道天华社区	3000
3	王桂英 星沙街道东升社区	3000
4	刘国平 星沙街道板仓社区	3000
5	陈志勇 星沙街道金茂社区	3000
6	杨秀兰 星沙街道开元社区	3000
7	赵德明 湘龙街道湘龙社区	3000
8	周凤英 泉塘街道泉塘社区	3000
9	黄建军 长龙街道长龙社区	3000
10	吴玉梅 星沙街道望仙社区	3000
11	徐红卫 星沙街道松雅社区	3000
12	孙梅芳 星沙街道龙塘社区	3000
1	张建新 星沙街道星沙社区	3000
2	李春华 星沙街道天华社区	3000
3	王桂英 星沙街道东升社区	3000
4	刘国平 星沙街道板仓社区	3000
5	陈志勇 星沙街道金茂社区	3000
6	杨秀兰 星沙街道开元社区	3000
7	赵德明 湘龙街道湘龙社区	3000
8	周凤英 泉塘街道泉塘社区	3000
9	黄建军 长龙街道长龙社区	3000
10	吴玉梅 星沙街道望仙社区	3000
11	徐红卫 星沙街道松雅社区	3000
12	孙梅芳 星沙街道龙塘社区	3000
1	张建新 星沙街道星沙社区	3000
2	李春华 星沙街道天华社区	3000
3	王桂英 星沙街道东升社区	3000
4	刘国平 星沙街道板仓社区	3000
长龙街道(单位:元)
序号 姓名	所在地址	补贴金额
1	张建新 星沙街道星沙社区	3000
2	李春华 星沙街道天华社区	3000
3	王桂英 星沙街道东升社区	3000
4	刘国平 星沙街道板仓社区	3000
5	陈志勇 星沙街道金茂社区	3000
6	杨秀兰 星沙街道开元社区	3000
7	赵德明 湘龙街道湘龙社区	3000
8	周凤英 泉塘街道泉塘社区	3000
9	黄建军 长龙街道长龙社区	3000
10	吴玉梅 星沙街道望仙社区	3000
11	徐红卫 星沙街道松雅社区	3000
12	孙梅芳 星沙街道龙塘社区	3000
1	张建新 星沙街道星沙社区	3000
2	李春华 星沙街道天华社区	3000
3	王桂英 星沙街道东升社区	3000
4	刘国平 星沙街道板仓社区	3000
5	陈志勇 星沙街道金茂社区	3000
6	杨秀兰 星沙街道开元社区	3000
7	赵德明 湘龙街道湘龙社区	3000
8	周凤英 泉塘街道泉塘社区	3000
9	黄建军 长龙街道长龙社区	3000
10	吴玉梅 星沙街道望仙社区	3000
11	徐红卫 星沙街道松雅社区	3000
12	孙梅芳 星沙街道龙塘社区	3000
1	张建新 星沙街道星沙社区	3000
2	李春华 星沙街道天华社区	3000
3	王桂英 星沙街道东升社区	3000
4	刘国平 星沙街道板仓社区	3000
5	陈志勇 星沙街道金茂社区	3000
6	杨秀兰 星沙街道开元社区	3000
7	赵德明 湘龙街道湘龙社区	3000
8	周凤英 泉塘街道泉塘社区	3000
9	黄建军 长龙街道长龙社区	3000
10	吴玉梅 星沙街道望仙社区	3000
11	徐红卫 星沙街道松雅社区	3000
12	孙梅芳 星沙街道龙塘社区	3000
1	张建新 星沙街道星沙社区	3000
2	李春华 星沙街道天华社区	3000
3	王桂英 星沙街道东升社区	3000
4	刘国平 星沙街道板仓社区	3000
5	陈志勇 星沙街道金茂社区	3000
6	杨秀兰 星沙街道开元社区	3000
7	赵德明 湘龙街道湘龙社区	3000
8	周凤英 泉塘街道泉塘社区	3000
9	黄建军 长龙街道长龙社区	3000
10	吴玉梅 星沙街道望仙社区	3000
11	徐红卫 星沙街道松雅社区	3000
12	孙梅芳 星沙街道龙塘社区	3000
1	张建新 星沙街道星沙社区	3000
2	李春华 星沙街道天华社区	3000
3	王桂英 星沙街道东升社区	3000
4	刘国平 星沙街道板仓社区	3000
5	陈志勇 星沙街道金茂社区	3000
6	杨秀兰 星沙街道开元社区	3000
7	赵德明 湘龙街道湘龙社区	3000
8	周凤英 泉塘街道泉塘社区	3000
9	黄建军 长龙街道长龙社区	3000
10	吴玉梅 星沙街道望仙社区	3000
11	徐红卫 星沙街道松雅社区	3000
12	孙梅芳 星沙街道龙塘社区	3000
星沙街道(单位:元)
序号 姓名	所在地址	补贴金额
1	张建新 星沙街道星沙社区	3000
2	李春华 星沙街道天华社区	3000
3	王桂英 星沙街道东升社区	3000
4	刘国平 星沙街道板仓社区	3000
5	陈志勇 星沙街道金茂社区	3000
6	杨秀兰 星沙街道开元社区	3000
7	赵德明 湘龙街道湘龙社区	3000
8	周凤英 泉塘街道泉塘社区	3000
9	黄建军 长龙街道长龙社区	3000
10	吴玉梅 星沙街道望仙社区	3000
11	徐红卫 星沙街道松雅社区	3000
12	孙梅芳 星沙街道龙塘社区	3000
1	张建新 星沙街道星沙社区	3000
2	李春华 星沙街道天华社区	3000
3	王桂英 星沙街道东升社区	3000
4	刘国平 星沙街道板仓社区	3000
5	陈志勇 星沙街道金茂社区	3000
6	杨秀兰 星沙街道开元社区	3000
7	赵德明 湘龙街道湘龙社区	3000
8	周凤英 泉塘街道泉塘社区	3000
9	黄建军 长龙街道长龙社区	3000
10	吴玉梅 星沙街道望仙社区	3000
11	徐红卫 星沙街道松雅社区	3000
12	孙梅芳 星沙街道龙塘社区	3000
1	张建新 星沙街道星沙社区	3000
2	李春华 星沙街道天华社区	3000
3	王桂英 星沙街道东升社区	3000
4	刘国平 星沙街道板仓社区	3000
5	陈志勇 星沙街道金茂社区	3000
6	杨秀兰 星沙街道开元社区	3000
7	赵德明 湘龙街道湘龙社区	3000
8	周凤英 泉塘街道泉塘社区	3000
9	黄建军 长龙街道长龙社区	3000
10	吴玉梅 星沙街道望仙社区	3000
11	徐红卫 星沙街道松雅社区	3000
12	孙梅芳 星沙街道龙塘社区	3000
1	张建新 星沙街道星沙社区	3000
2	李春华 星沙街道天华社区	3000
3	王桂英 星沙街道东升社区	3000
4	刘国平 星沙街道板仓社区	3000
5	陈志勇 星沙街道金茂社区	3000
6	杨秀兰 星沙街道开元社区	3000
7	赵德明 湘龙街道湘龙社区	3000
8	周凤英 泉塘街道泉塘社区	3000
9	黄建军 长龙街道长龙社区	3000
10	吴玉梅 星沙街道望仙社区	3000
11	徐红卫 星沙街道松雅社区	3000
12	孙梅芳 星沙街道龙塘社区	3000
1	张建新 星沙街道星沙社区	3000
2	李春华 星沙街道天华社区	3000
3	王桂英 星沙街道东升社区	3000
4	刘国平 星沙街道板仓社区	3000
5	陈志勇 星沙街道金茂社区	3000
6	杨秀兰 星沙街道开元社区	3000
7	赵德明 湘龙街道湘龙社区	3000
8	周凤英 泉塘街道泉塘社区	3000
9	黄建军 长龙街道长龙社区	3000
10	吴玉梅 星沙街道望仙社区	3000
11	徐红卫 星沙街道松雅社区	3000
12	孙梅芳 星沙街道龙塘社区	3000
1	张建新 星沙街道星沙社区	3000
2	李春华 星沙街道天华社区	3000
3	王桂英 星沙街道东升社区	3000
4	刘国平 星沙街道板仓社区	3000
5	陈志勇 星沙街道金茂社区	3000
6	杨秀兰 星沙街道开元社区	3000
7	赵德明 湘龙街道湘龙社区	3000
8	周凤英 泉塘街道泉塘社区	3000
9	黄建军 长龙街道长龙社区	3000
10	吴玉梅 星沙街道望仙社区	3000
11	徐红卫 星沙街道松雅社区	3000
12	孙梅芳 星沙街道龙塘社区	3000
1	张建新 星沙街道星沙社区	3000
2	李春华 星沙街道天华社区	3000
3	王桂英 星沙街道东升社区	3000
4	刘国平 星沙街道板仓社区	3000
5	陈志勇 星沙街道金茂社区	3000
6	杨秀兰 星沙街道开元社区	3000
7	赵德明 湘龙街道湘龙社区	3000
8	周凤英 泉塘街道泉塘社区	3000
9	黄建军 长龙街道长龙社区	3000
10	吴玉梅 星沙街道望仙社区	3000
11	徐红卫 星沙街道松雅社区	3000
12	孙梅芳 星沙街道龙塘社区	3000
1	张建新 星沙街道星沙社区	3000
2	李春华 星沙街道天华社区	3000
3	王桂英 星沙街道东升社区	3000
4	刘国平 星沙街道板仓社区	3000
5	陈志勇 星沙街道金茂社区	3000
6	杨秀兰 星沙街道开元社区	3000
7	赵德明 湘龙街道湘龙社区	3000
8	周凤英 泉塘街道泉塘社区	3000
9	黄建军 长龙街道长龙社区	3000
10	吴玉梅 星沙街道望仙社区	3000
11	徐红卫 星沙街道松雅社区	3000
12	孙梅芳 星沙街道龙塘社区	3000
1	张建新 星沙街道星沙社区	3000
2	李春华 星沙街道天华社区	3000
3	王桂英 星沙街道东升社区	3000
4	刘国平 星沙街道板仓社区	3000
5	陈志勇 星沙街道金茂社区	3000
6	杨秀兰 星沙街道开元社区	3000
7	赵德明 湘龙街道湘龙社区	3000
8	周凤英 泉塘街道泉塘社区	3000
9	黄建军 长龙街道长龙社区	3000
10	吴玉梅 星沙街道望仙社区	3000
11	徐红卫 星沙街道松雅社区	3000
12	孙梅芳 星沙街道龙塘社区	3000
1	张建新 星沙街道星沙社区	3000
2	李春华 星沙街道天华社区	3000
3	王桂英 星沙街道东升社区	3000
4	刘国平 星沙街道板仓社区	3000
5	陈志勇 星沙街道金茂社区	3000
6	杨秀兰 星沙街道开元社区	3000
7	赵德明 湘龙街道湘龙社区	3000
8	周凤英 泉塘街道泉塘社区	3000
9	黄建军 长龙街道长龙社区	3000
10	吴玉梅 星沙街道望仙社区	3000
11	徐红卫 星沙街道松雅社区	3000
12	孙梅芳 星沙街道龙塘社区	3000
1	张建新 星沙街道星沙社区	3000
2	李春华 星沙街道天华社区	3000
3	王桂英 星沙街道东升社区	3000
4	刘国平 星沙街道板仓社区	3000
5	陈志勇 星沙街道金茂社区	3000
6	杨秀兰 星沙街道开元社区	3000
7	赵德明 湘龙街道湘龙社区	3000
8	周凤英 泉塘街道泉塘社区	3000
9	黄建军 长龙街道长龙社区	3000
10	吴玉梅 星沙街道望仙社区	3000
11	徐红卫 星沙街道松雅社区	3000
12	孙梅芳 星沙街道龙塘社区	3000
1	张建新 星沙街道星沙社区	3000
2	李春华 星沙街道天华社区	3000
3	王桂英 星沙街道东升社区	3000
4	刘国平 星沙街道板仓社区	3000
5	陈志勇 星沙街道金茂社区	3000
6	杨秀兰 星沙街道开元社区	3000
7	赵德明 湘龙街道湘龙社区	3000
8	周凤英 泉塘街道泉塘社区	3000
9	黄建军 长龙街道长龙社区	3000
10	吴玉梅 星沙街道望仙社区	3000
11	徐红卫 星沙街道松雅社区	3000
12	孙梅芳 星沙街道龙塘社区	3000
1	张建新 星沙街道星沙社区	3000
2	李春华 星沙街道天华社区	3000
3	王桂英 星沙街道东升社区	3000
4	刘国平 星沙街道板仓社区	3000
5	陈志勇 星沙街道金茂社区	3000
6	杨秀兰 星沙街道开元社区	3000
7	赵德明 湘龙街道湘龙社区	3000
8	周凤英 泉塘街道泉塘社区	3000
9	黄建军 长龙街道长龙社区	3000
10	吴玉梅 星沙街道望仙社区	3000
11	徐红卫 星沙街道松雅社区	3000
12	孙梅芳 星沙街道龙塘社区	3000
1	张建新 星沙街道星沙社区	3000
2	李春华 星沙街道天华社区	3000
3	王桂英 星沙街道东升社区	3000
4	刘国平 星沙街道板仓社区	3000
5	陈志勇 星沙街道金茂社区	3000
6	杨秀兰 星沙街道开元社区	3000
7	赵德明 湘龙街道湘龙社区	3000
8	周凤英 泉塘街道泉塘社区	3000
9	黄建军 长龙街道长龙社区	3000
10	吴玉梅 星沙街道望仙社区	3000
11	徐红卫 星沙街道松雅社区	3000
12	孙梅芳 星沙街道龙塘社区	3000
1	张建新 星沙街道星沙社区	3000
2	李春华 星沙街道天华社区	3000
3	王桂英 星沙街道东升社区	3000
4	刘国平 星沙街道板仓社区	3000
5	陈志勇 星沙街道金茂社区	3000
6	杨秀兰 星沙街道开元社区	3000
7	赵德明 湘龙街道湘龙社区	3000
8	周凤英 泉塘街道泉塘社区	3000
9	黄建军 长龙街道长龙社区	3000
10	吴玉梅 星沙街道望仙社区	3000
11	徐红卫 星沙街道松雅社区	3000
12	孙梅芳 星沙街道龙塘社区	3000
1	张建新 星沙街道星沙社区	3000
2	李春华 星沙街道天华社区	3000
3	王桂英 星沙街道东升社区	3000
4	刘国平 星沙街道板仓社区	3000
5	陈志勇 星沙街道金茂社区	3000
6	杨秀兰 星沙街道开元社区	3000
7	赵德明 湘龙街道湘龙社区	3000
8	周凤英 泉塘街道泉塘社区	3000
9	黄建军 长龙街道长龙社区	3000
10	吴玉梅 星沙街道望仙社区	3000
